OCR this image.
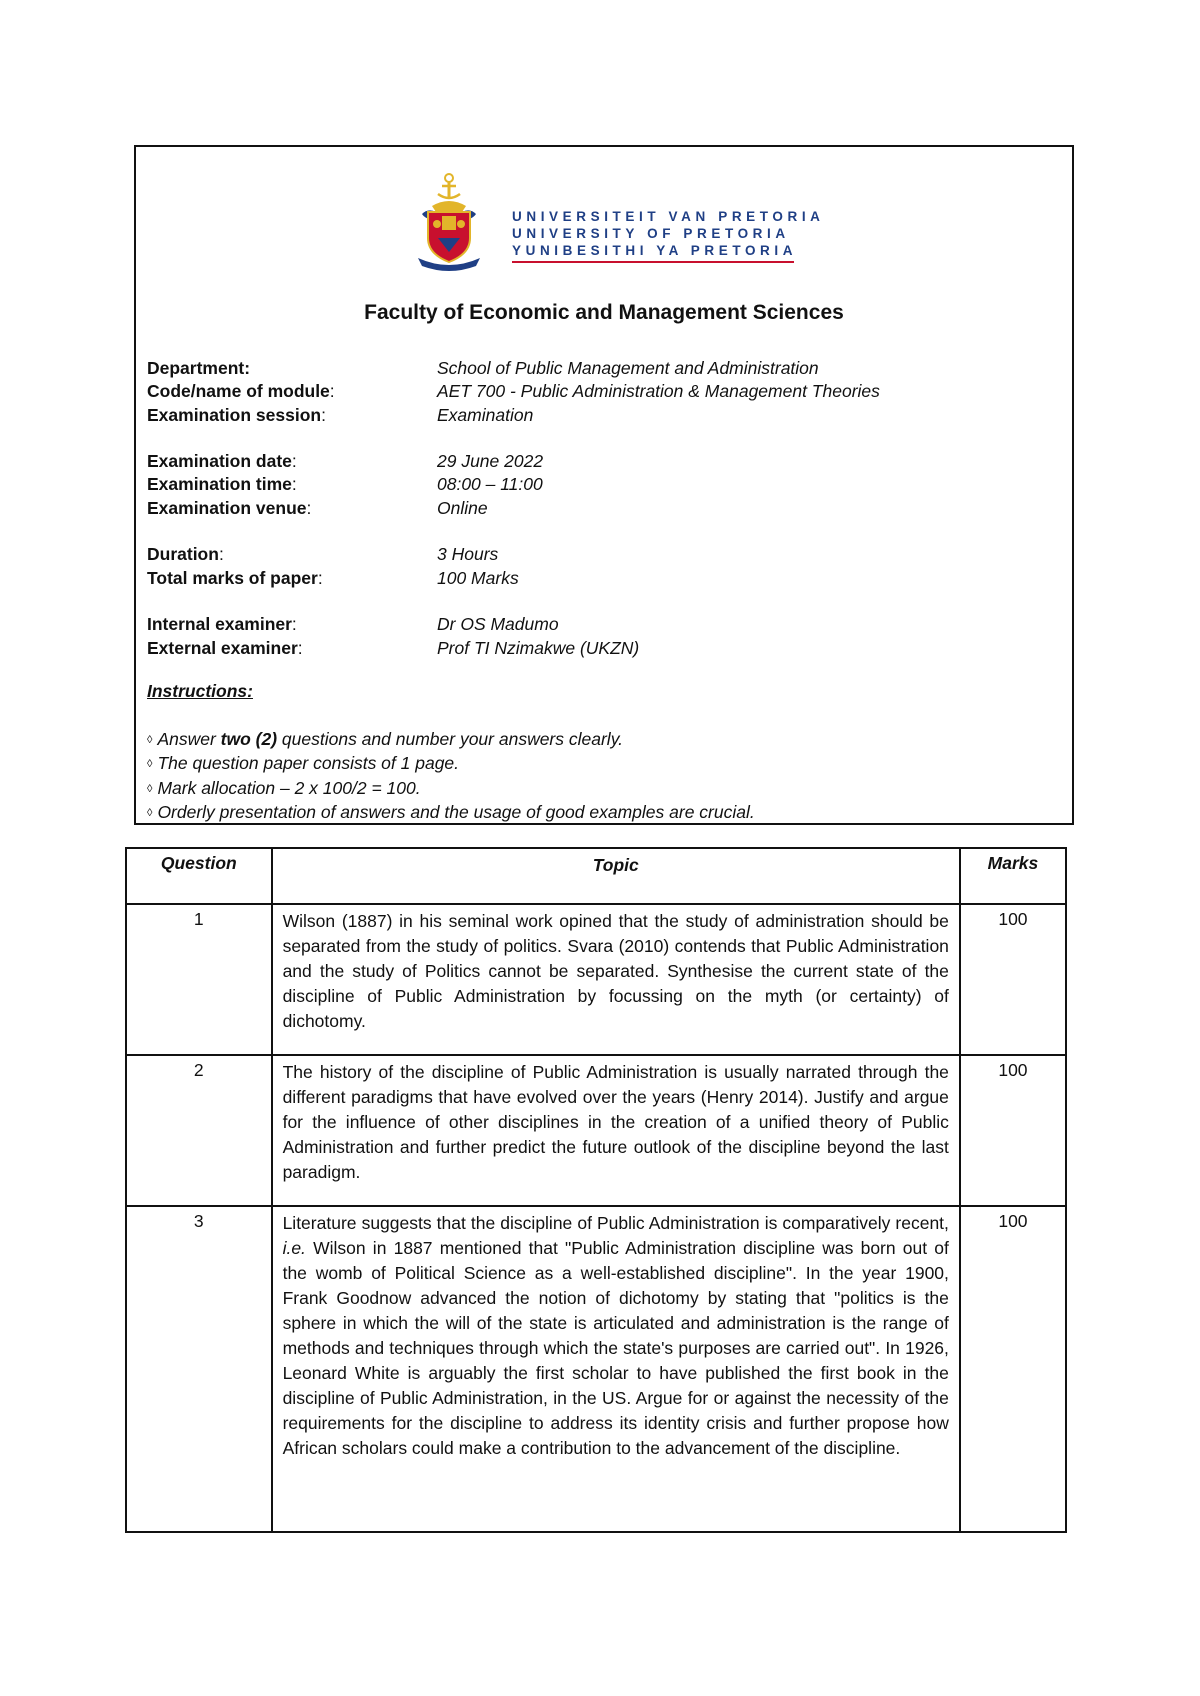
UNIVERSITEIT VAN PRETORIA
UNIVERSITY OF PRETORIA
YUNIBESITHI YA PRETORIA
Faculty of Economic and Management Sciences
Department:	School of Public Management and Administration
Code/name of module:	AET 700 - Public Administration & Management Theories
Examination session:	Examination
Examination date:	29 June 2022
Examination time:	08:00 – 11:00
Examination venue:	Online
Duration:	3 Hours
Total marks of paper:	100 Marks
Internal examiner:	Dr OS Madumo
External examiner:	Prof TI Nzimakwe (UKZN)
Instructions:
◊ Answer two (2) questions and number your answers clearly.
◊ The question paper consists of 1 page.
◊ Mark allocation – 2 x 100/2 = 100.
◊ Orderly presentation of answers and the usage of good examples are crucial.
Question	Topic	Marks
1	Wilson (1887) in his seminal work opined that the study of administration should be separated from the study of politics. Svara (2010) contends that Public Administration and the study of Politics cannot be separated. Synthesise the current state of the discipline of Public Administration by focussing on the myth (or certainty) of dichotomy.	100
2	The history of the discipline of Public Administration is usually narrated through the different paradigms that have evolved over the years (Henry 2014). Justify and argue for the influence of other disciplines in the creation of a unified theory of Public Administration and further predict the future outlook of the discipline beyond the last paradigm.	100
3	Literature suggests that the discipline of Public Administration is comparatively recent, i.e. Wilson in 1887 mentioned that "Public Administration discipline was born out of the womb of Political Science as a well-established discipline". In the year 1900, Frank Goodnow advanced the notion of dichotomy by stating that "politics is the sphere in which the will of the state is articulated and administration is the range of methods and techniques through which the state's purposes are carried out". In 1926, Leonard White is arguably the first scholar to have published the first book in the discipline of Public Administration, in the US. Argue for or against the necessity of the requirements for the discipline to address its identity crisis and further propose how African scholars could make a contribution to the advancement of the discipline.	100
